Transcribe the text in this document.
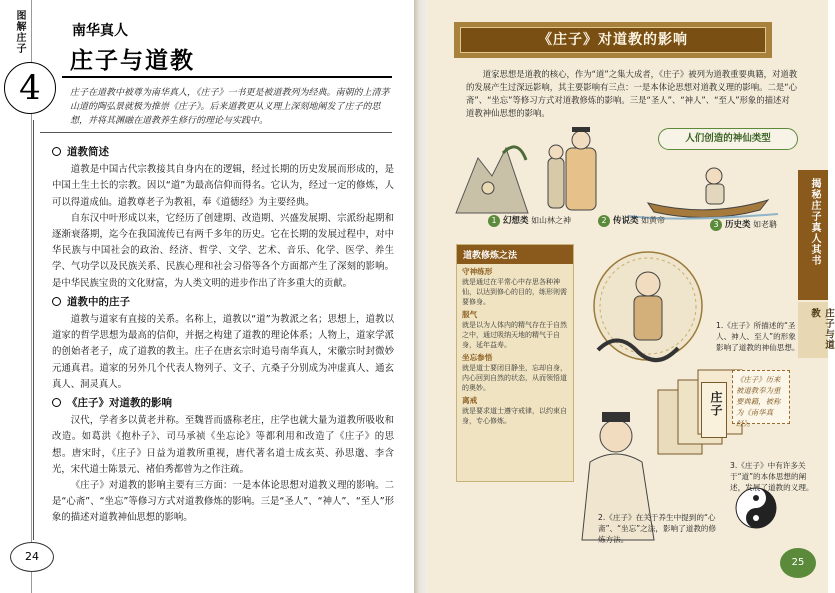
图解庄子
4
南华真人
庄子与道教
庄子在道教中被尊为南华真人，《庄子》一书更是被道教列为经典。南朝的上清茅山道的陶弘景就极为推崇《庄子》。后来道教更从义理上深刻地阐发了庄子的思想，并将其渊融在道教养生修行的理论与实践中。
道教简述

道教是中国古代宗教接其自身内在的逻辑，经过长期的历史发展而形成的，是中国土生土长的宗教。因以“道”为最高信仰而得名。它认为，经过一定的修炼，人可以得道成仙。道教尊老子为教祖，奉《道德经》为主要经典。

自东汉中叶形成以来，它经历了创建期、改造期、兴盛发展期、宗派纷起期和逐渐衰落期，迄今在我国流传已有两千多年的历史。它在长期的发展过程中，对中华民族与中国社会的政治、经济、哲学、文学、艺术、音乐、化学、医学、养生学、气功学以及民族关系、民族心理和社会习俗等各个方面都产生了深刻的影响。是中华民族宝贵的文化财富，为人类文明的进步作出了许多重大的贡献。

道教中的庄子

道教与道家有直接的关系。名称上，道教以“道”为教派之名；思想上，道教以道家的哲学思想为最高的信仰，并据之构建了道教的理论体系；人物上，道家学派的创始者老子，成了道教的教主。庄子在唐玄宗时追号南华真人，宋徽宗时封微妙元通真君。道家的另外几个代表人物列子、文子、亢桑子分别成为冲虚真人、通玄真人、洞灵真人。

《庄子》对道教的影响

汉代，学者多以黄老并称。至魏晋而盛称老庄，庄学也就大量为道教所吸收和改造。如葛洪《抱朴子》、司马承祯《坐忘论》等都利用和改造了《庄子》的思想。唐宋时，《庄子》日益为道教所重视，唐代著名道士成玄英、孙思邈、李含光，宋代道士陈景元、褚伯秀都曾为之作注疏。

《庄子》对道教的影响主要有三方面：一是本体论思想对道教义理的影响。二是“心斋”、“坐忘”等修习方式对道教修炼的影响。三是“圣人”、“神人”、“至人”形象的描述对道教神仙思想的影响。

24
《庄子》对道教的影响

道家思想是道教的核心，作为“道”之集大成者，《庄子》被列为道教重要典籍，对道教的发展产生过深远影响，其主要影响有三点：一是本体论思想对道教义理的影响。二是“心斋”、“坐忘”等修习方式对道教修炼的影响。三是“圣人”、“神人”、“至人”形象的描述对道教神仙思想的影响。

人们创造的神仙类型
1 幻想类 如山林之神	2 传说类 如黄帝	3 历史类 如老聃	揭秘庄子真人其书
庄子与道教
道教修炼之法
守神练形
就是通过在平常心中存思各种神仙，以达到修心的目的，练形则需要修身。
服气
就是以为人体内的精气存在于自然之中，通过吸纳天地的精气于自身，延年益寿。
坐忘参悟
就是道士要闭目静坐，忘却自身，内心回到自然的状态，从而领悟道的奥妙。
离戒
就是要求道士遵守戒律，以约束自身，专心修炼。
庄子
1.《庄子》所描述的“圣人、神人、至人”的形象影响了道教的神仙思想。
3.《庄子》中有许多关于“道”的本体思想的阐述，发展了道教的义理。
2.《庄子》在关于养生中提到的“心斋”、“坐忘”之法，影响了道教的修炼方法。
《庄子》历来被道教奉为重要典籍，被称为《南华真经》。
25
